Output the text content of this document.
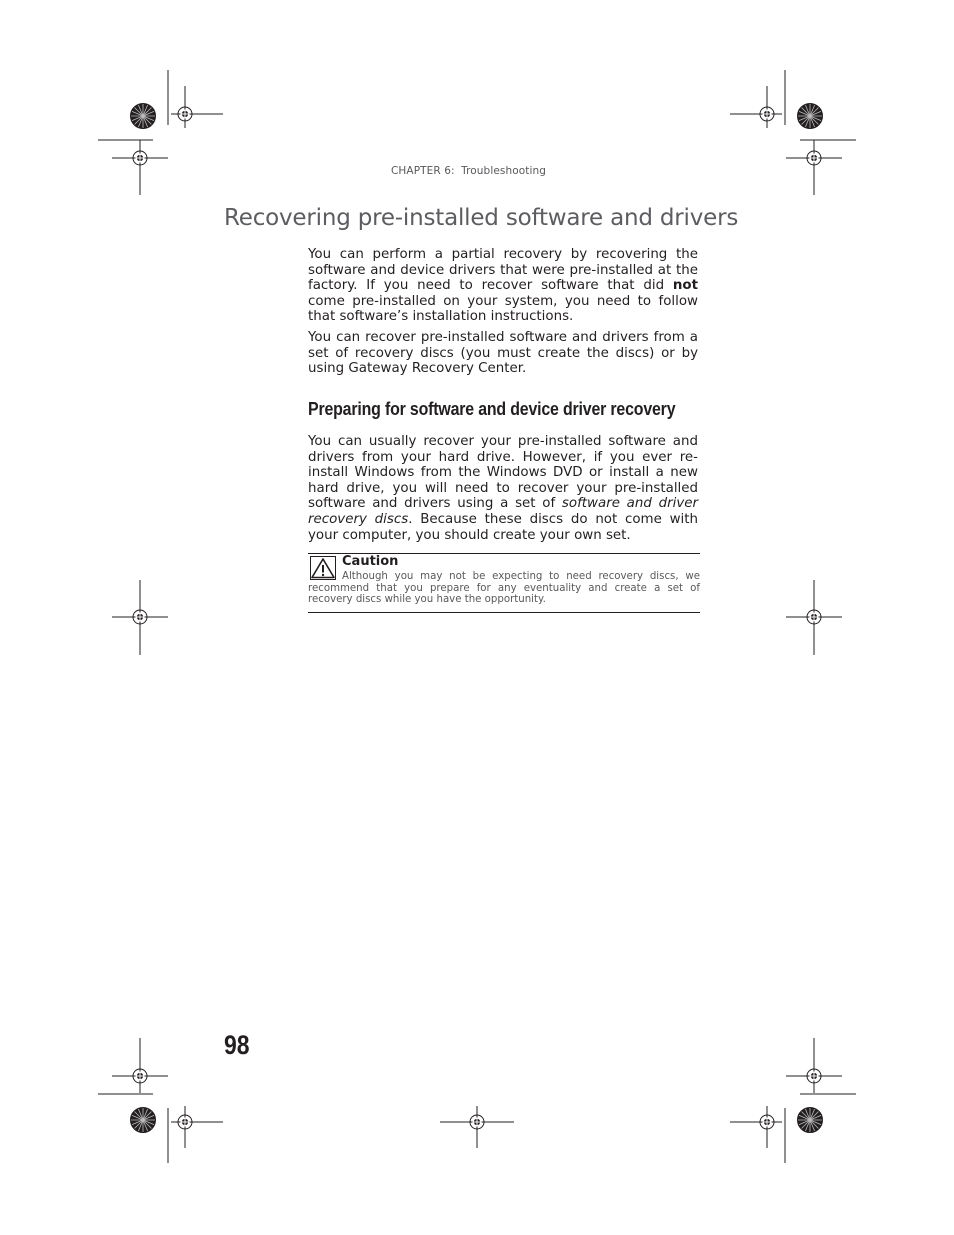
CHAPTER 6: Troubleshooting
Recovering pre-installed software and drivers

You can perform a partial recovery by recovering the software and device drivers that were pre-installed at the factory. If you need to recover software that did not come pre-installed on your system, you need to follow that software’s installation instructions.

You can recover pre-installed software and drivers from a set of recovery discs (you must create the discs) or by using Gateway Recovery Center.

Preparing for software and device driver recovery

You can usually recover your pre-installed software and drivers from your hard drive. However, if you ever re-install Windows from the Windows DVD or install a new hard drive, you will need to recover your pre-installed software and drivers using a set of software and driver recovery discs. Because these discs do not come with your computer, you should create your own set.

Caution

Although you may not be expecting to need recovery discs, we recommend that you prepare for any eventuality and create a set of recovery discs while you have the opportunity.

98
